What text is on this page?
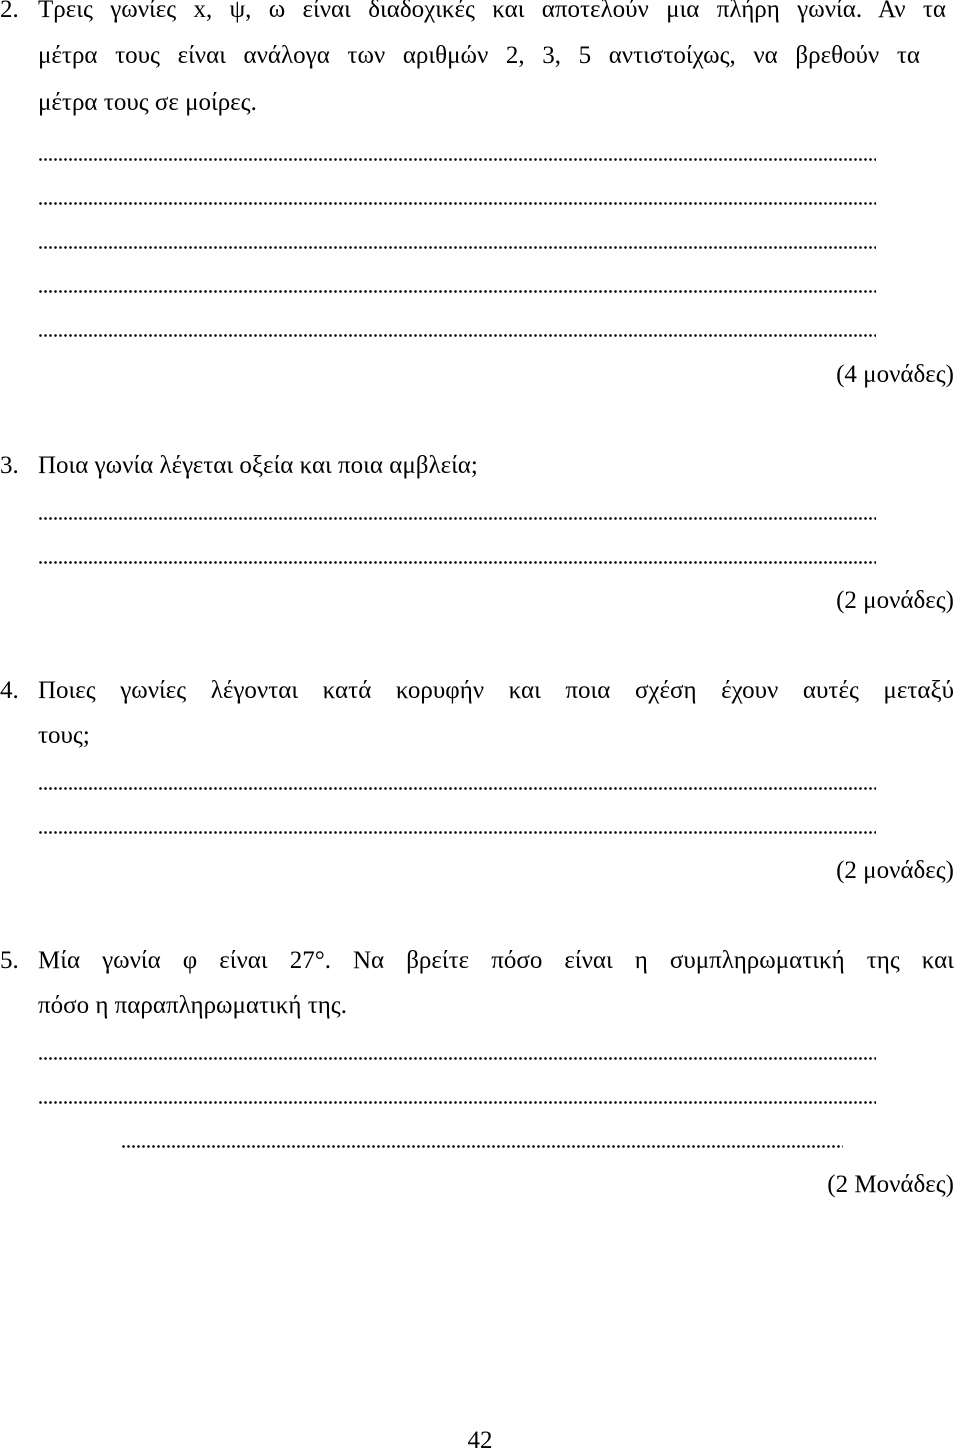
2. Τρεις γωνίες x, ψ, ω είναι διαδοχικές και αποτελούν μια πλήρη γωνία. Αν τα
μέτρα τους είναι ανάλογα των αριθμών 2, 3, 5 αντιστοίχως, να βρεθούν τα
μέτρα τους σε μοίρες.
(4 μονάδες)
3. Ποια γωνία λέγεται οξεία και ποια αμβλεία;
(2 μονάδες)
4. Ποιες γωνίες λέγονται κατά κορυφήν και ποια σχέση έχουν αυτές μεταξύ
τους;
(2 μονάδες)
5. Μία γωνία φ είναι 27°. Να βρείτε πόσο είναι η συμπληρωματική της και
πόσο η παραπληρωματική της.
(2 Μονάδες)
42
